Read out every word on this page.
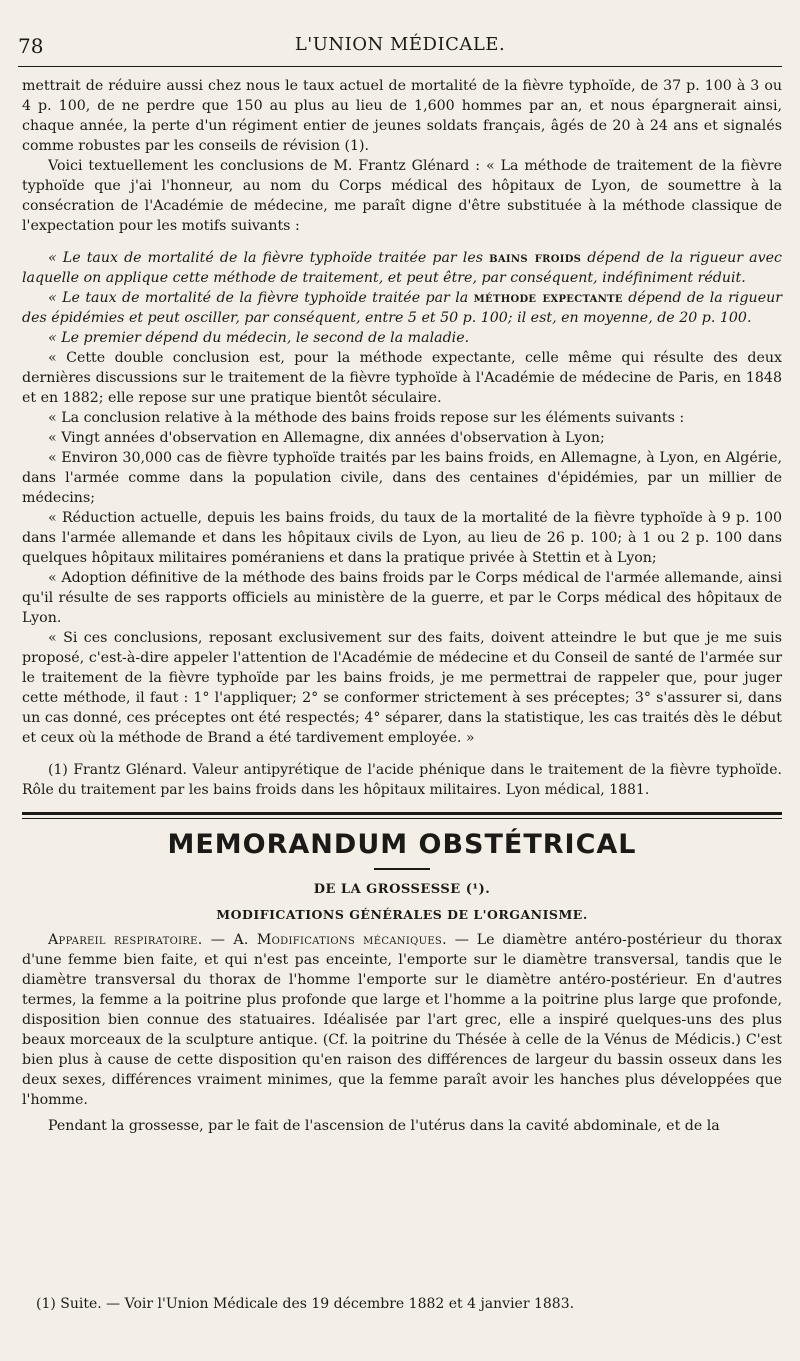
78	L'UNION MÉDICALE.

mettrait de réduire aussi chez nous le taux actuel de mortalité de la fièvre typhoïde, de 37 p. 100 à 3 ou 4 p. 100, de ne perdre que 150 au plus au lieu de 1,600 hommes par an, et nous épargnerait ainsi, chaque année, la perte d'un régiment entier de jeunes soldats français, âgés de 20 à 24 ans et signalés comme robustes par les conseils de révision (1).

Voici textuellement les conclusions de M. Frantz Glénard : « La méthode de traitement de la fièvre typhoïde que j'ai l'honneur, au nom du Corps médical des hôpitaux de Lyon, de soumettre à la consécration de l'Académie de médecine, me paraît digne d'être substituée à la méthode classique de l'expectation pour les motifs suivants :

« Le taux de mortalité de la fièvre typhoïde traitée par les bains froids dépend de la rigueur avec laquelle on applique cette méthode de traitement, et peut être, par conséquent, indéfiniment réduit.

« Le taux de mortalité de la fièvre typhoïde traitée par la méthode expectante dépend de la rigueur des épidémies et peut osciller, par conséquent, entre 5 et 50 p. 100; il est, en moyenne, de 20 p. 100.

« Le premier dépend du médecin, le second de la maladie.

« Cette double conclusion est, pour la méthode expectante, celle même qui résulte des deux dernières discussions sur le traitement de la fièvre typhoïde à l'Académie de médecine de Paris, en 1848 et en 1882; elle repose sur une pratique bientôt séculaire.

« La conclusion relative à la méthode des bains froids repose sur les éléments suivants :

« Vingt années d'observation en Allemagne, dix années d'observation à Lyon;

« Environ 30,000 cas de fièvre typhoïde traités par les bains froids, en Allemagne, à Lyon, en Algérie, dans l'armée comme dans la population civile, dans des centaines d'épidémies, par un millier de médecins;

« Réduction actuelle, depuis les bains froids, du taux de la mortalité de la fièvre typhoïde à 9 p. 100 dans l'armée allemande et dans les hôpitaux civils de Lyon, au lieu de 26 p. 100; à 1 ou 2 p. 100 dans quelques hôpitaux militaires poméraniens et dans la pratique privée à Stettin et à Lyon;

« Adoption définitive de la méthode des bains froids par le Corps médical de l'armée allemande, ainsi qu'il résulte de ses rapports officiels au ministère de la guerre, et par le Corps médical des hôpitaux de Lyon.

« Si ces conclusions, reposant exclusivement sur des faits, doivent atteindre le but que je me suis proposé, c'est-à-dire appeler l'attention de l'Académie de médecine et du Conseil de santé de l'armée sur le traitement de la fièvre typhoïde par les bains froids, je me permettrai de rappeler que, pour juger cette méthode, il faut : 1° l'appliquer; 2° se conformer strictement à ses préceptes; 3° s'assurer si, dans un cas donné, ces préceptes ont été respectés; 4° séparer, dans la statistique, les cas traités dès le début et ceux où la méthode de Brand a été tardivement employée. »

(1) Frantz Glénard. Valeur antipyrétique de l'acide phénique dans le traitement de la fièvre typhoïde. Rôle du traitement par les bains froids dans les hôpitaux militaires. Lyon médical, 1881.

MEMORANDUM OBSTÉTRICAL
DE LA GROSSESSE (¹).
MODIFICATIONS GÉNÉRALES DE L'ORGANISME.

Appareil respiratoire. — A. Modifications mécaniques. — Le diamètre antéro-postérieur du thorax d'une femme bien faite, et qui n'est pas enceinte, l'emporte sur le diamètre transversal, tandis que le diamètre transversal du thorax de l'homme l'emporte sur le diamètre antéro-postérieur. En d'autres termes, la femme a la poitrine plus profonde que large et l'homme a la poitrine plus large que profonde, disposition bien connue des statuaires. Idéalisée par l'art grec, elle a inspiré quelques-uns des plus beaux morceaux de la sculpture antique. (Cf. la poitrine du Thésée à celle de la Vénus de Médicis.) C'est bien plus à cause de cette disposition qu'en raison des différences de largeur du bassin osseux dans les deux sexes, différences vraiment minimes, que la femme paraît avoir les hanches plus développées que l'homme.

Pendant la grossesse, par le fait de l'ascension de l'utérus dans la cavité abdominale, et de la

(1) Suite. — Voir l'Union Médicale des 19 décembre 1882 et 4 janvier 1883.
